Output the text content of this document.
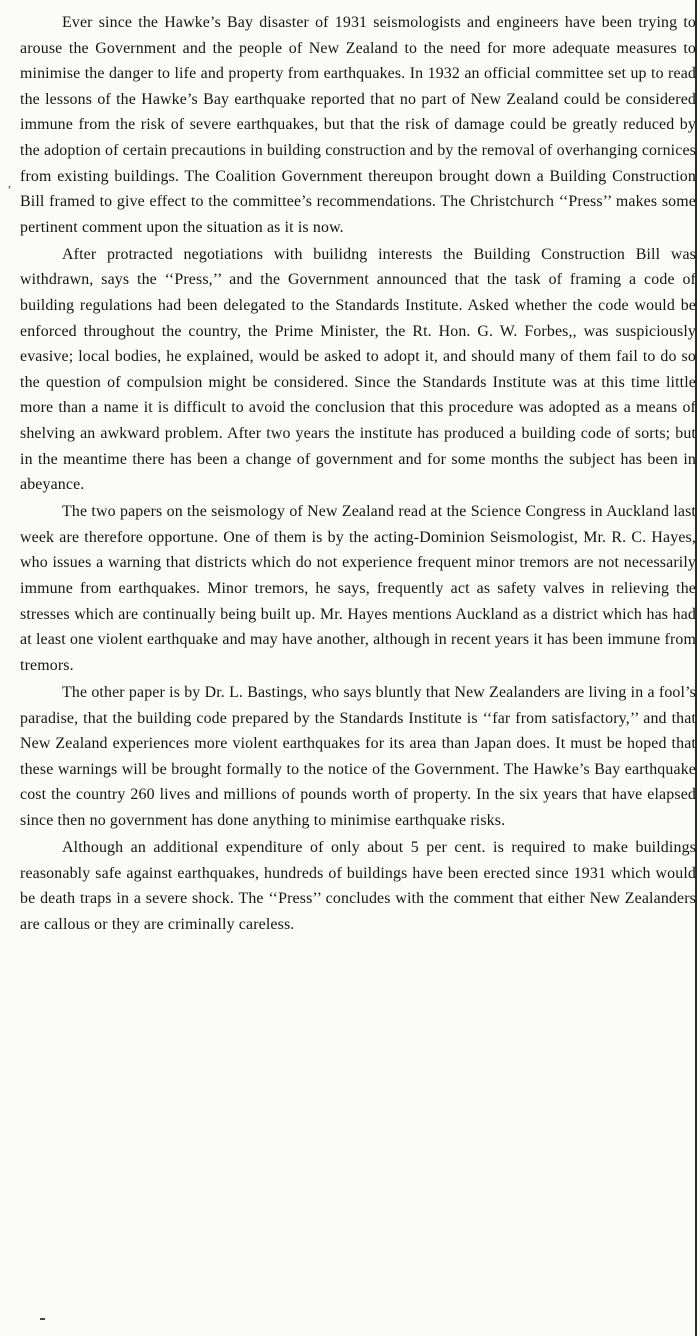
,

Ever since the Hawke’s Bay disaster of 1931 seismologists and engineers have been trying to arouse the Government and the people of New Zealand to the need for more adequate measures to minimise the danger to life and property from earthquakes. In 1932 an official committee set up to read the lessons of the Hawke’s Bay earthquake reported that no part of New Zealand could be considered immune from the risk of severe earthquakes, but that the risk of damage could be greatly reduced by the adoption of certain precautions in building construction and by the removal of overhanging cornices from existing buildings. The Coalition Government thereupon brought down a Building Construction Bill framed to give effect to the committee’s recommendations. The Christchurch ‘‘Press’’ makes some pertinent comment upon the situation as it is now.

After protracted negotiations with builidng interests the Building Construction Bill was withdrawn, says the ‘‘Press,’’ and the Government announced that the task of framing a code of building regulations had been delegated to the Standards Institute. Asked whether the code would be enforced throughout the country, the Prime Minister, the Rt. Hon. G. W. Forbes,, was suspiciously evasive; local bodies, he explained, would be asked to adopt it, and should many of them fail to do so the question of compulsion might be considered. Since the Standards Institute was at this time little more than a name it is difficult to avoid the conclusion that this procedure was adopted as a means of shelving an awkward problem. After two years the institute has produced a building code of sorts; but in the meantime there has been a change of government and for some months the subject has been in abeyance.

The two papers on the seismology of New Zealand read at the Science Congress in Auckland last week are therefore opportune. One of them is by the acting-Dominion Seismologist, Mr. R. C. Hayes, who issues a warning that districts which do not experience frequent minor tremors are not necessarily immune from earthquakes. Minor tremors, he says, frequently act as safety valves in relieving the stresses which are continually being built up. Mr. Hayes mentions Auckland as a district which has had at least one violent earthquake and may have another, although in recent years it has been immune from tremors.

The other paper is by Dr. L. Bastings, who says bluntly that New Zealanders are living in a fool’s paradise, that the building code prepared by the Standards Institute is ‘‘far from satisfactory,’’ and that New Zealand experiences more violent earthquakes for its area than Japan does. It must be hoped that these warnings will be brought formally to the notice of the Government. The Hawke’s Bay earthquake cost the country 260 lives and millions of pounds worth of property. In the six years that have elapsed since then no government has done anything to minimise earthquake risks.

Although an additional expenditure of only about 5 per cent. is required to make buildings reasonably safe against earthquakes, hundreds of buildings have been erected since 1931 which would be death traps in a severe shock. The ‘‘Press’’ concludes with the comment that either New Zealanders are callous or they are criminally careless.
